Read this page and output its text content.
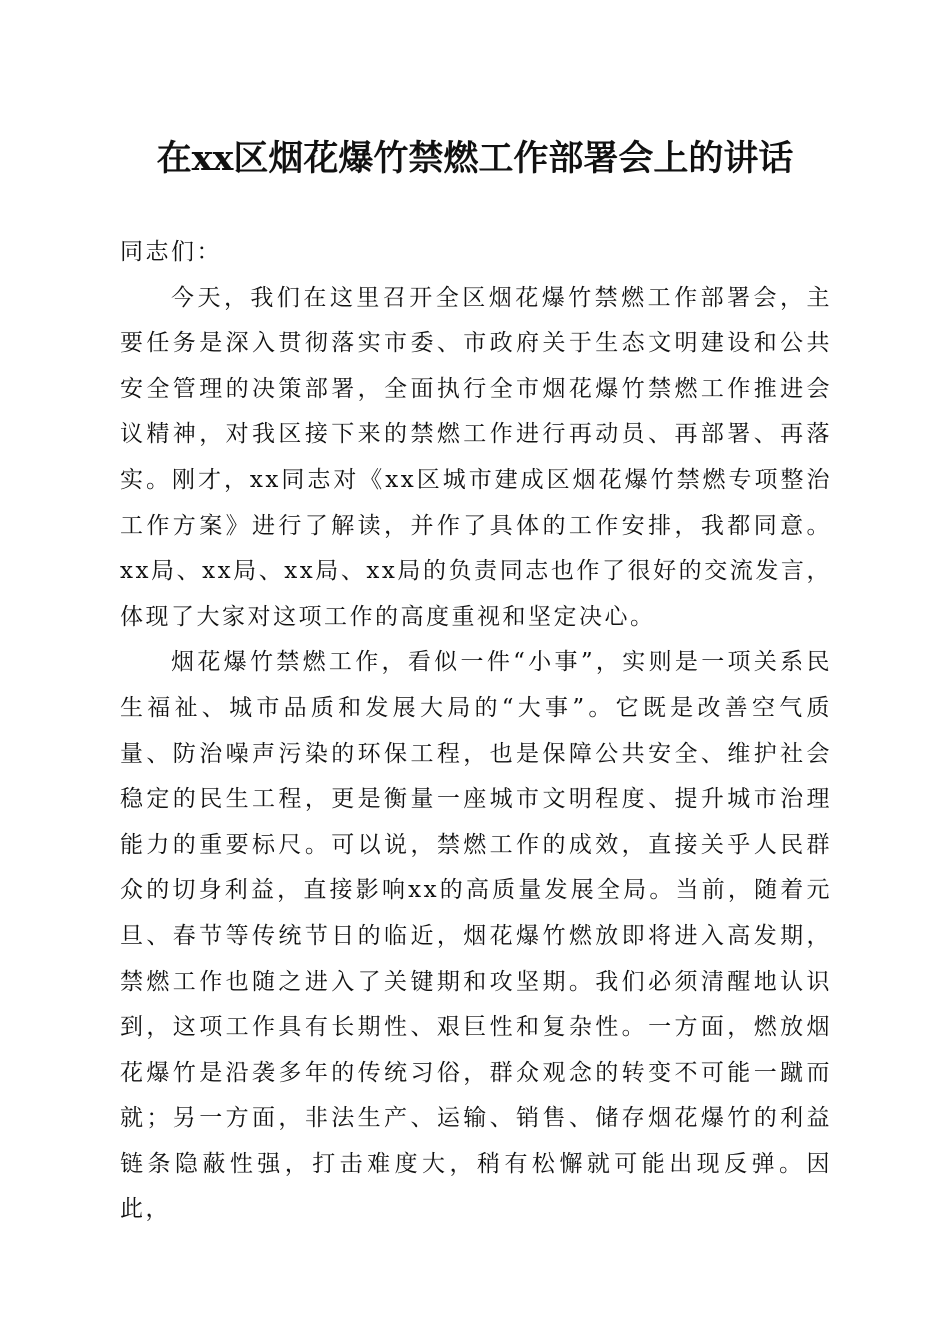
在xx区烟花爆竹禁燃工作部署会上的讲话

同志们：

今天，我们在这里召开全区烟花爆竹禁燃工作部署会，主要任务是深入贯彻落实市委、市政府关于生态文明建设和公共安全管理的决策部署，全面执行全市烟花爆竹禁燃工作推进会议精神，对我区接下来的禁燃工作进行再动员、再部署、再落实。刚才，xx同志对《xx区城市建成区烟花爆竹禁燃专项整治工作方案》进行了解读，并作了具体的工作安排，我都同意。xx局、xx局、xx局、xx局的负责同志也作了很好的交流发言，体现了大家对这项工作的高度重视和坚定决心。

烟花爆竹禁燃工作，看似一件“小事”，实则是一项关系民生福祉、城市品质和发展大局的“大事”。它既是改善空气质量、防治噪声污染的环保工程，也是保障公共安全、维护社会稳定的民生工程，更是衡量一座城市文明程度、提升城市治理能力的重要标尺。可以说，禁燃工作的成效，直接关乎人民群众的切身利益，直接影响xx的高质量发展全局。当前，随着元旦、春节等传统节日的临近，烟花爆竹燃放即将进入高发期，禁燃工作也随之进入了关键期和攻坚期。我们必须清醒地认识到，这项工作具有长期性、艰巨性和复杂性。一方面，燃放烟花爆竹是沿袭多年的传统习俗，群众观念的转变不可能一蹴而就；另一方面，非法生产、运输、销售、储存烟花爆竹的利益链条隐蔽性强，打击难度大，稍有松懈就可能出现反弹。因此，
